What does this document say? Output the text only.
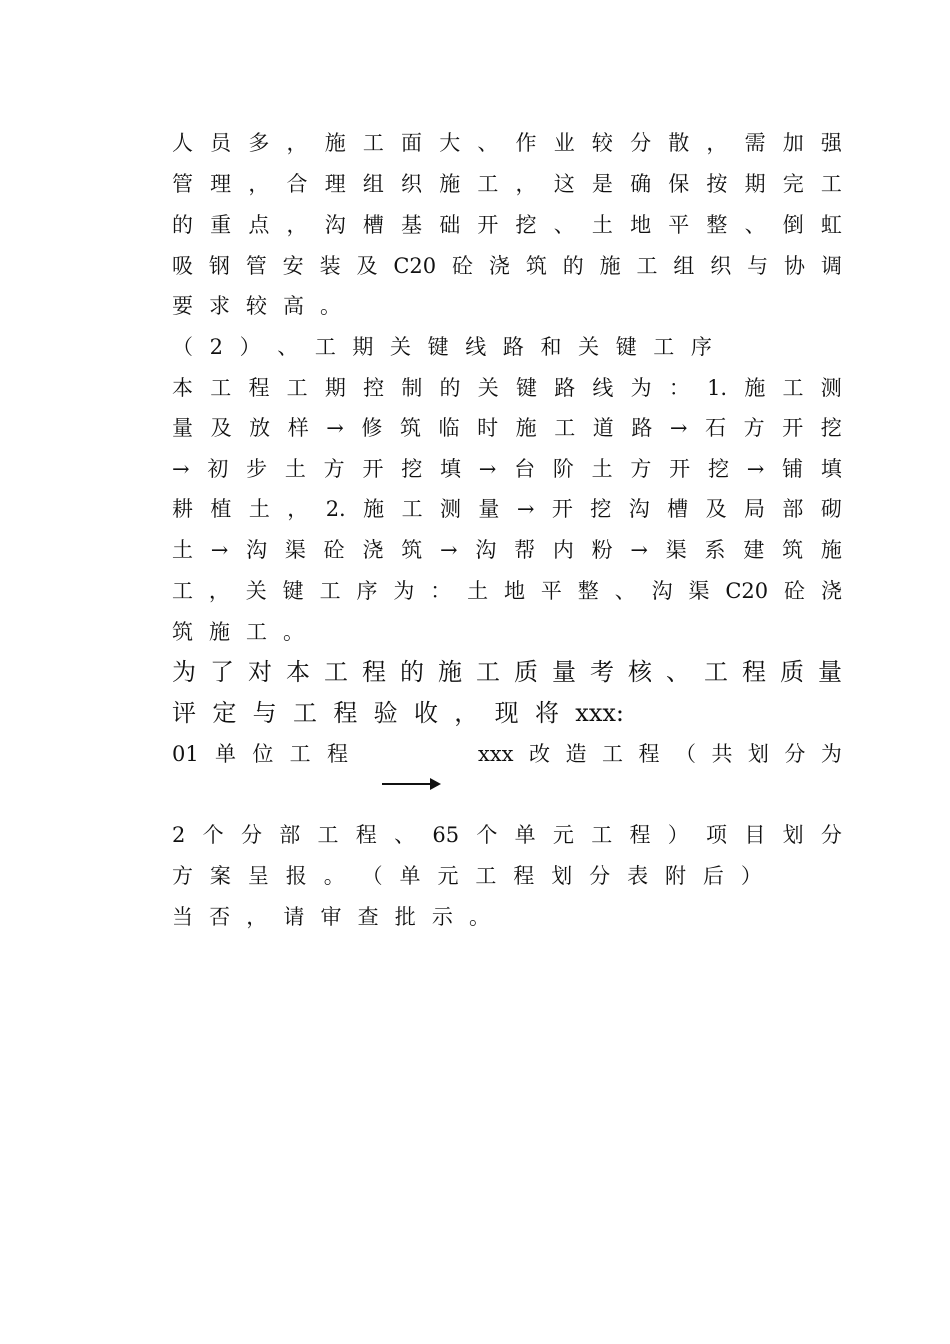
人 员 多 ， 施 工 面 大 、 作 业 较 分 散 ， 需 加 强
管 理 ， 合 理 组 织 施 工 ， 这 是 确 保 按 期 完 工
的 重 点 ， 沟 槽 基 础 开 挖 、 土 地 平 整 、 倒 虹
吸 钢 管 安 装 及 C20 砼 浇 筑 的 施 工 组 织 与 协 调
要 求 较 高 。
（ 2 ） 、 工 期 关 键 线 路 和 关 键 工 序
本 工 程 工 期 控 制 的 关 键 路 线 为 ： 1. 施 工 测
量 及 放 样 → 修 筑 临 时 施 工 道 路 → 石 方 开 挖
→ 初 步 土 方 开 挖 填 → 台 阶 土 方 开 挖 → 铺 填
耕 植 土 ， 2. 施 工 测 量 → 开 挖 沟 槽 及 局 部 砌
土 → 沟 渠 砼 浇 筑 → 沟 帮 内 粉 → 渠 系 建 筑 施
工 ， 关 键 工 序 为 ： 土 地 平 整 、 沟 渠 C20 砼 浇
筑 施 工 。
为 了 对 本 工 程 的 施 工 质 量 考 核 、 工 程 质 量
评 定 与 工 程 验 收 ， 现 将 xxx:
01 单 位 工 程	xxx 改 造 工 程 （ 共 划 分 为
2 个 分 部 工 程 、 65 个 单 元 工 程 ） 项 目 划 分
方 案 呈 报 。 （ 单 元 工 程 划 分 表 附 后 ）
当 否 ， 请 审 查 批 示 。
